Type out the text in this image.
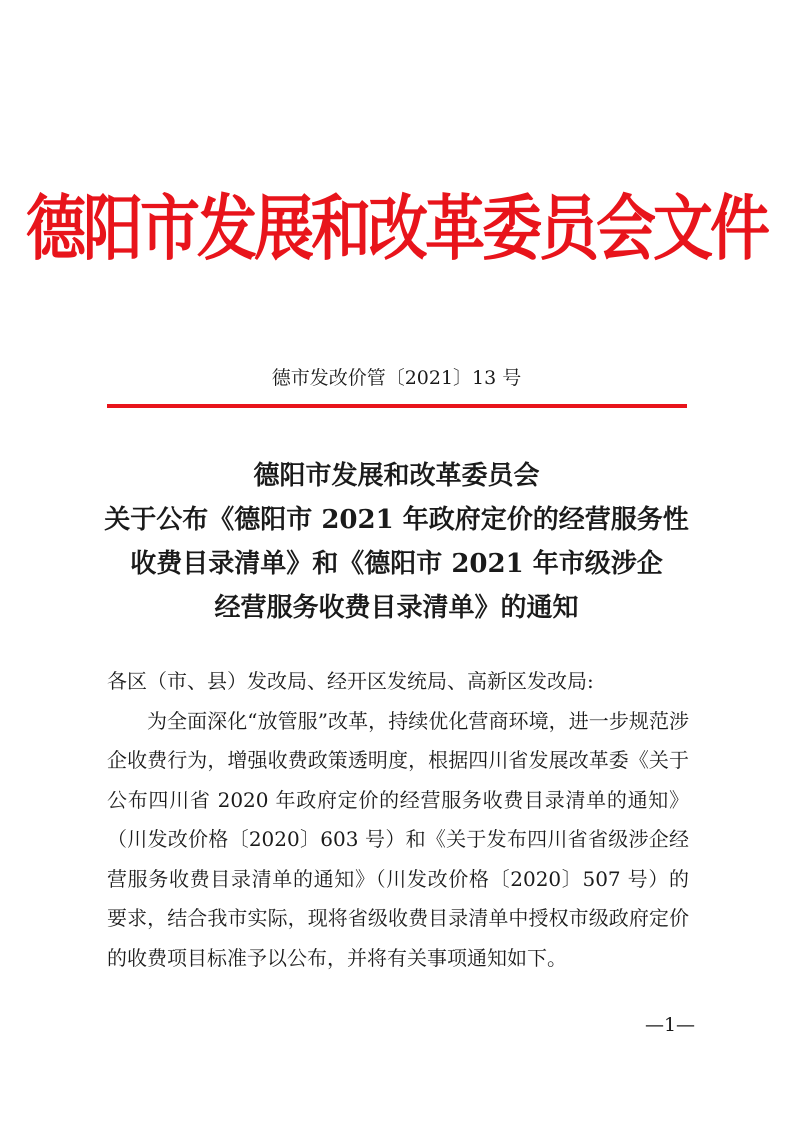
德阳市发展和改革委员会文件
德市发改价管〔2021〕13 号
德阳市发展和改革委员会
关于公布《德阳市 2021 年政府定价的经营服务性
收费目录清单》和《德阳市 2021 年市级涉企
经营服务收费目录清单》的通知
各区（市、县）发改局、经开区发统局、高新区发改局:

为全面深化“放管服”改革，持续优化营商环境，进一步规范涉企收费行为，增强收费政策透明度，根据四川省发展改革委《关于公布四川省 2020 年政府定价的经营服务收费目录清单的通知》（川发改价格〔2020〕603 号）和《关于发布四川省省级涉企经营服务收费目录清单的通知》（川发改价格〔2020〕507 号）的要求，结合我市实际，现将省级收费目录清单中授权市级政府定价的收费项目标准予以公布，并将有关事项通知如下。

—1—
